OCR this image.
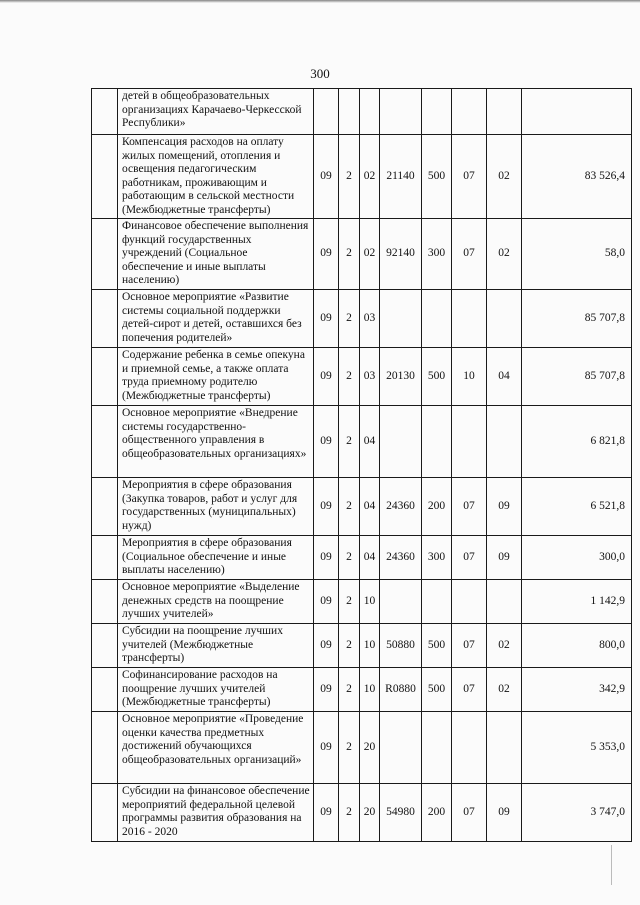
300
	детей в общеобразовательных организациях Карачаево-Черкесской Республики»								
	Компенсация расходов на оплату жилых помещений, отопления и освещения педагогическим работникам, проживающим и работающим в сельской местности (Межбюджетные трансферты)	09	2	02	21140	500	07	02	83 526,4
	Финансовое обеспечение выполнения функций государственных учреждений (Социальное обеспечение и иные выплаты населению)	09	2	02	92140	300	07	02	58,0
	Основное мероприятие «Развитие системы социальной поддержки детей-сирот и детей, оставшихся без попечения родителей»	09	2	03					85 707,8
	Содержание ребенка в семье опекуна и приемной семье, а также оплата труда приемному родителю (Межбюджетные трансферты)	09	2	03	20130	500	10	04	85 707,8
	Основное мероприятие «Внедрение системы государственно-общественного управления в общеобразовательных организациях»	09	2	04					6 821,8
	Мероприятия в сфере образования (Закупка товаров, работ и услуг для государственных (муниципальных) нужд)	09	2	04	24360	200	07	09	6 521,8
	Мероприятия в сфере образования (Социальное обеспечение и иные выплаты населению)	09	2	04	24360	300	07	09	300,0
	Основное мероприятие «Выделение денежных средств на поощрение лучших учителей»	09	2	10					1 142,9
	Субсидии на поощрение лучших учителей (Межбюджетные трансферты)	09	2	10	50880	500	07	02	800,0
	Софинансирование расходов на поощрение лучших учителей (Межбюджетные трансферты)	09	2	10	R0880	500	07	02	342,9
	Основное мероприятие «Проведение оценки качества предметных достижений обучающихся общеобразовательных организаций»	09	2	20					5 353,0
	Субсидии на финансовое обеспечение мероприятий федеральной целевой программы развития образования на 2016 - 2020	09	2	20	54980	200	07	09	3 747,0
